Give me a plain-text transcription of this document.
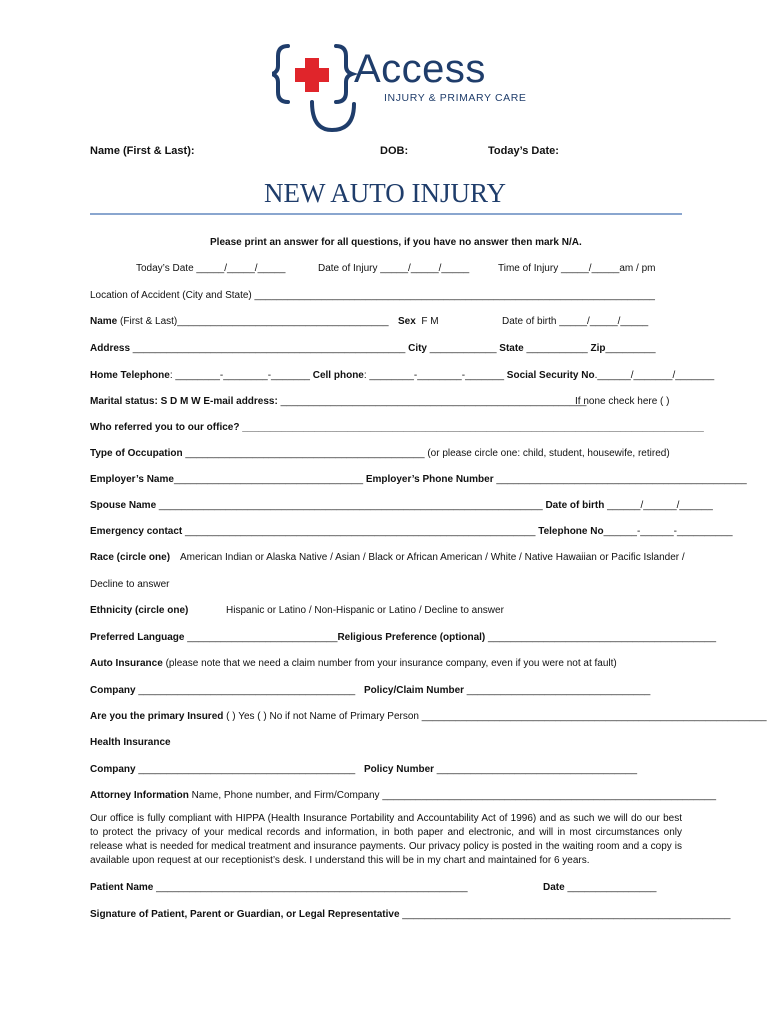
Access
INJURY & PRIMARY CARE
Name (First & Last):	DOB:	Today’s Date:
NEW AUTO INJURY
Please print an answer for all questions, if you have no answer then mark N/A.
Today’s Date _____/_____/_____	Date of Injury _____/_____/_____	Time of Injury _____/_____am / pm
Location of Accident (City and State) ________________________________________________________________________
Name (First & Last)______________________________________ Sex F M	Date of birth _____/_____/_____
Address _________________________________________________ City ____________ State ___________ Zip_________
Home Telephone: ________-________-_______ Cell phone: ________-________-_______ Social Security No.______/_______/_______
Marital status: S D M W E-mail address: _______________________________________________________
If none check here ( )
Who referred you to our office? ___________________________________________________________________________________
Type of Occupation ___________________________________________ (or please circle one: child, student, housewife, retired)
Employer’s Name__________________________________ Employer’s Phone Number _____________________________________________
Spouse Name _____________________________________________________________________ Date of birth ______/______/______
Emergency contact _______________________________________________________________ Telephone No______-______-__________
Race (circle one) American Indian or Alaska Native / Asian / Black or African American / White / Native Hawaiian or Pacific Islander /
Decline to answer
Ethnicity (circle one)	Hispanic or Latino / Non-Hispanic or Latino / Decline to answer
Preferred Language ___________________________Religious Preference (optional) _________________________________________
Auto Insurance (please note that we need a claim number from your insurance company, even if you were not at fault)
Company _______________________________________ Policy/Claim Number _________________________________
Are you the primary Insured ( ) Yes ( ) No if not Name of Primary Person ______________________________________________________________
Health Insurance
Company _______________________________________ Policy Number ____________________________________
Attorney Information Name, Phone number, and Firm/Company ____________________________________________________________
Our office is fully compliant with HIPPA (Health Insurance Portability and Accountability Act of 1996) and as such we will do our best to protect the privacy of your medical records and information, in both paper and electronic, and will in most circumstances only release what is needed for medical treatment and insurance payments. Our privacy policy is posted in the waiting room and a copy is available upon request at our receptionist’s desk. I understand this will be in my chart and maintained for 6 years.
Patient Name ________________________________________________________	Date ________________
Signature of Patient, Parent or Guardian, or Legal Representative ___________________________________________________________
